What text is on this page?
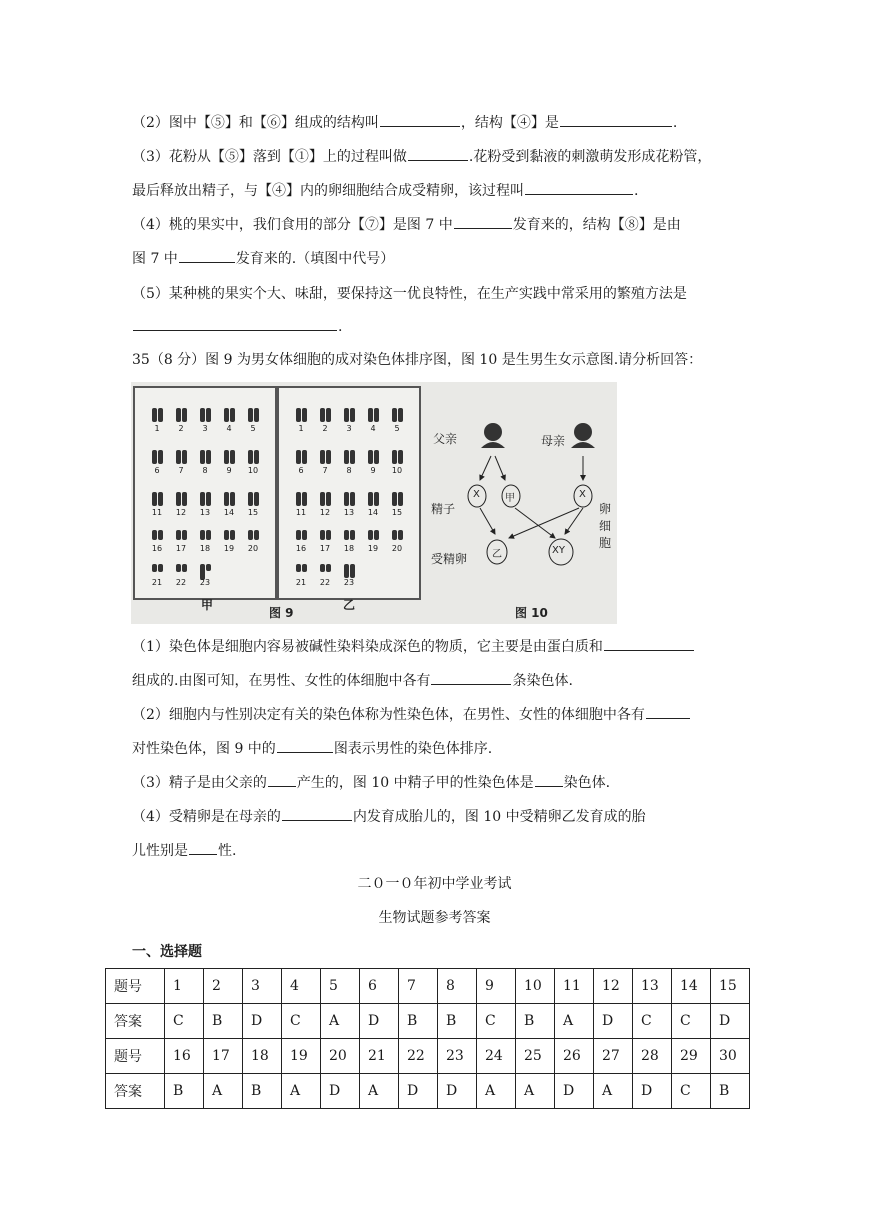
（2）图中【⑤】和【⑥】组成的结构叫	，结构【④】是	.
（3）花粉从【⑤】落到【①】上的过程叫做	.花粉受到黏液的刺激萌发形成花粉管，
最后释放出精子，与【④】内的卵细胞结合成受精卵，该过程叫	.
（4）桃的果实中，我们食用的部分【⑦】是图 7 中	发育来的，结构【⑧】是由
图 7 中	发育来的.（填图中代号）
（5）某种桃的果实个大、味甜，要保持这一优良特性，在生产实践中常采用的繁殖方法是
.
35（8 分）图 9 为男女体细胞的成对染色体排序图，图 10 是生男生女示意图.请分析回答：
1	2	3	4	5
6	7	8	9	10
11	12	13	14	15
16	17	18	19	20
21	22	23
1	2	3	4	5
6	7	8	9	10
11	12	13	14	15
16	17	18	19	20
21	22	23
甲
图 9
乙
图 10
父亲	母亲
精子	卵细胞
受精卵
X	甲	X
乙	XY
（1）染色体是细胞内容易被碱性染料染成深色的物质，它主要是由蛋白质和
组成的.由图可知，在男性、女性的体细胞中各有	条染色体.
（2）细胞内与性别决定有关的染色体称为性染色体，在男性、女性的体细胞中各有
对性染色体，图 9 中的	图表示男性的染色体排序.
（3）精子是由父亲的 产生的，图 10 中精子甲的性染色体是 染色体.
（4）受精卵是在母亲的	内发育成胎儿的，图 10 中受精卵乙发育成的胎
儿性别是 性.
二０一０年初中学业考试
生物试题参考答案
一、选择题
题号	1	2	3	4	5	6	7	8	9	10	11	12	13	14	15
答案	C	B	D	C	A	D	B	B	C	B	A	D	C	C	D
题号	16	17	18	19	20	21	22	23	24	25	26	27	28	29	30
答案	B	A	B	A	D	A	D	D	A	A	D	A	D	C	B
